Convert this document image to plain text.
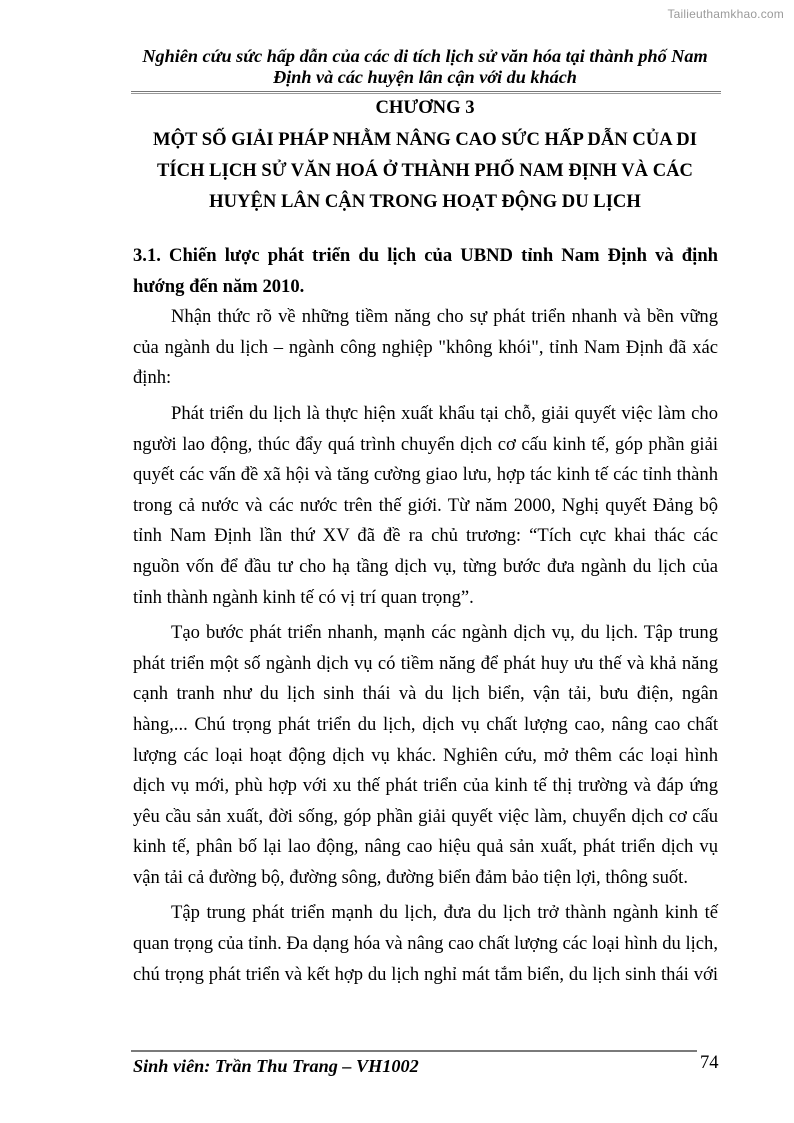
Tailieuthamkhao.com
Nghiên cứu sức hấp dẫn của các di tích lịch sử văn hóa tại thành phố Nam
Định và các huyện lân cận với du khách
CHƯƠNG 3
MỘT SỐ GIẢI PHÁP NHẰM NÂNG CAO SỨC HẤP DẪN CỦA DI
TÍCH LỊCH SỬ VĂN HOÁ Ở THÀNH PHỐ NAM ĐỊNH VÀ CÁC
HUYỆN LÂN CẬN TRONG HOẠT ĐỘNG DU LỊCH
3.1. Chiến lược phát triển du lịch của UBND tỉnh Nam Định và định
hướng đến năm 2010.

Nhận thức rõ về những tiềm năng cho sự phát triển nhanh và bền vững
của ngành du lịch – ngành công nghiệp "không khói", tỉnh Nam Định đã xác
định:

Phát triển du lịch là thực hiện xuất khẩu tại chỗ, giải quyết việc làm cho
người lao động, thúc đẩy quá trình chuyển dịch cơ cấu kinh tế, góp phần giải
quyết các vấn đề xã hội và tăng cường giao lưu, hợp tác kinh tế các tỉnh thành
trong cả nước và các nước trên thế giới. Từ năm 2000, Nghị quyết Đảng bộ
tỉnh Nam Định lần thứ XV đã đề ra chủ trương: “Tích cực khai thác các
nguồn vốn để đầu tư cho hạ tầng dịch vụ, từng bước đưa ngành du lịch của
tỉnh thành ngành kinh tế có vị trí quan trọng”.

Tạo bước phát triển nhanh, mạnh các ngành dịch vụ, du lịch. Tập trung
phát triển một số ngành dịch vụ có tiềm năng để phát huy ưu thế và khả năng
cạnh tranh như du lịch sinh thái và du lịch biển, vận tải, bưu điện, ngân
hàng,... Chú trọng phát triển du lịch, dịch vụ chất lượng cao, nâng cao chất
lượng các loại hoạt động dịch vụ khác. Nghiên cứu, mở thêm các loại hình
dịch vụ mới, phù hợp với xu thế phát triển của kinh tế thị trường và đáp ứng
yêu cầu sản xuất, đời sống, góp phần giải quyết việc làm, chuyển dịch cơ cấu
kinh tế, phân bố lại lao động, nâng cao hiệu quả sản xuất, phát triển dịch vụ
vận tải cả đường bộ, đường sông, đường biển đảm bảo tiện lợi, thông suốt.

Tập trung phát triển mạnh du lịch, đưa du lịch trở thành ngành kinh tế
quan trọng của tỉnh. Đa dạng hóa và nâng cao chất lượng các loại hình du lịch,
chú trọng phát triển và kết hợp du lịch nghỉ mát tắm biển, du lịch sinh thái với

Sinh viên: Trần Thu Trang – VH1002	74
